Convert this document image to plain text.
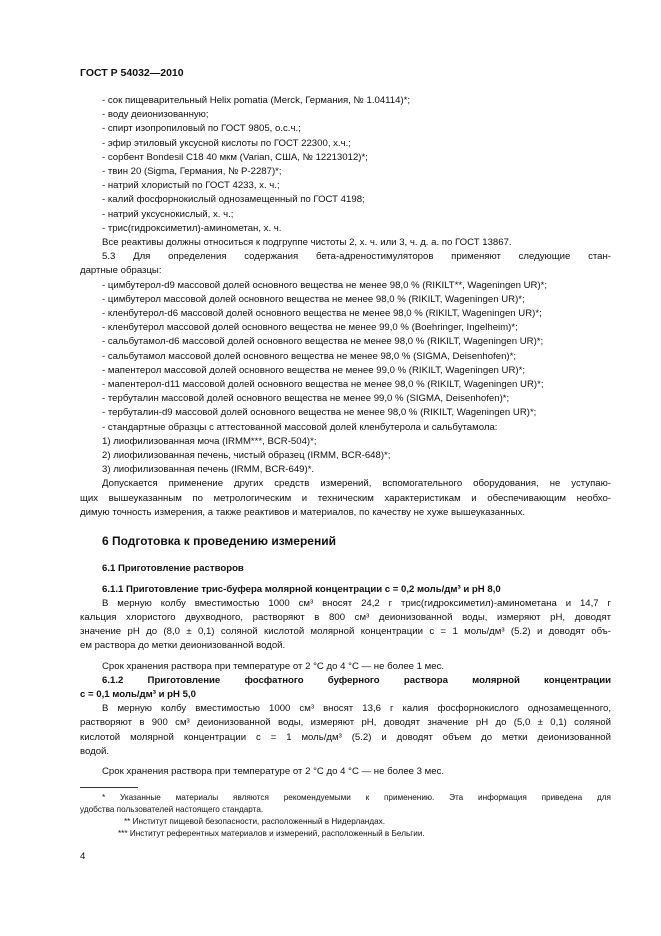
ГОСТ Р 54032—2010
- сок пищеварительный Helix pomatia (Merck, Германия, № 1.04114)*;
- воду деионизованную;
- спирт изопропиловый по ГОСТ 9805, о.с.ч.;
- эфир этиловый уксусной кислоты по ГОСТ 22300, х.ч.;
- сорбент Bondesil C18 40 мкм (Varian, США, № 12213012)*;
- твин 20 (Sigma, Германия, № P-2287)*;
- натрий хлористый по ГОСТ 4233, х. ч.;
- калий фосфорнокислый однозамещенный по ГОСТ 4198;
- натрий уксуснокислый, х. ч.;
- трис(гидроксиметил)-аминометан, х. ч.
Все реактивы должны относиться к подгруппе чистоты 2, х. ч. или 3, ч. д. а. по ГОСТ 13867.
5.3 Для определения содержания бета-адреностимуляторов применяют следующие стан-
дартные образцы:
- цимбутерол-d9 массовой долей основного вещества не менее 98,0 % (RIKILT**, Wageningen UR)*;
- цимбутерол массовой долей основного вещества не менее 98,0 % (RIKILT, Wageningen UR)*;
- кленбутерол-d6 массовой долей основного вещества не менее 98,0 % (RIKILT, Wageningen UR)*;
- кленбутерол массовой долей основного вещества не менее 99,0 % (Boehringer, Ingelheim)*;
- сальбутамол-d6 массовой долей основного вещества не менее 98,0 % (RIKILT, Wageningen UR)*;
- сальбутамол массовой долей основного вещества не менее 98,0 % (SIGMA, Deisenhofen)*;
- мапентерол массовой долей основного вещества не менее 99,0 % (RIKILT, Wageningen UR)*;
- мапентерол-d11 массовой долей основного вещества не менее 98,0 % (RIKILT, Wageningen UR)*;
- тербуталин массовой долей основного вещества не менее 99,0 % (SIGMA, Deisenhofen)*;
- тербуталин-d9 массовой долей основного вещества не менее 98,0 % (RIKILT, Wageningen UR)*;
- стандартные образцы с аттестованной массовой долей кленбутерола и сальбутамола:
1) лиофилизованная моча (IRMM***, BCR-504)*;
2) лиофилизованная печень, чистый образец (IRMM, BCR-648)*;
3) лиофилизованная печень (IRMM, BCR-649)*.
Допускается применение других средств измерений, вспомогательного оборудования, не уступаю-
щих вышеуказанным по метрологическим и техническим характеристикам и обеспечивающим необхо-
димую точность измерения, а также реактивов и материалов, по качеству не хуже вышеуказанных.
6 Подготовка к проведению измерений
6.1 Приготовление растворов
6.1.1 Приготовление трис-буфера молярной концентрации c = 0,2 моль/дм³ и рН 8,0
В мерную колбу вместимостью 1000 см³ вносят 24,2 г трис(гидроксиметил)-аминометана и 14,7 г
кальция хлористого двухводного, растворяют в 800 см³ деионизованной воды, измеряют рН, доводят
значение рН до (8,0 ± 0,1) соляной кислотой молярной концентрации c = 1 моль/дм³ (5.2) и доводят объ-
ем раствора до метки деионизованной водой.
Срок хранения раствора при температуре от 2 °С до 4 °С — не более 1 мес.
6.1.2 Приготовление фосфатного буферного раствора молярной концентрации
c = 0,1 моль/дм³ и рН 5,0
В мерную колбу вместимостью 1000 см³ вносят 13,6 г калия фосфорнокислого однозамещенного,
растворяют в 900 см³ деионизованной воды, измеряют рН, доводят значение рН до (5,0 ± 0,1) соляной
кислотой молярной концентрации c = 1 моль/дм³ (5.2) и доводят объем до метки деионизованной
водой.
Срок хранения раствора при температуре от 2 °С до 4 °С — не более 3 мес.
* Указанные материалы являются рекомендуемыми к применению. Эта информация приведена для
удобства пользователей настоящего стандарта.
** Институт пищевой безопасности, расположенный в Нидерландах.
*** Институт референтных материалов и измерений, расположенный в Бельгии.
4
